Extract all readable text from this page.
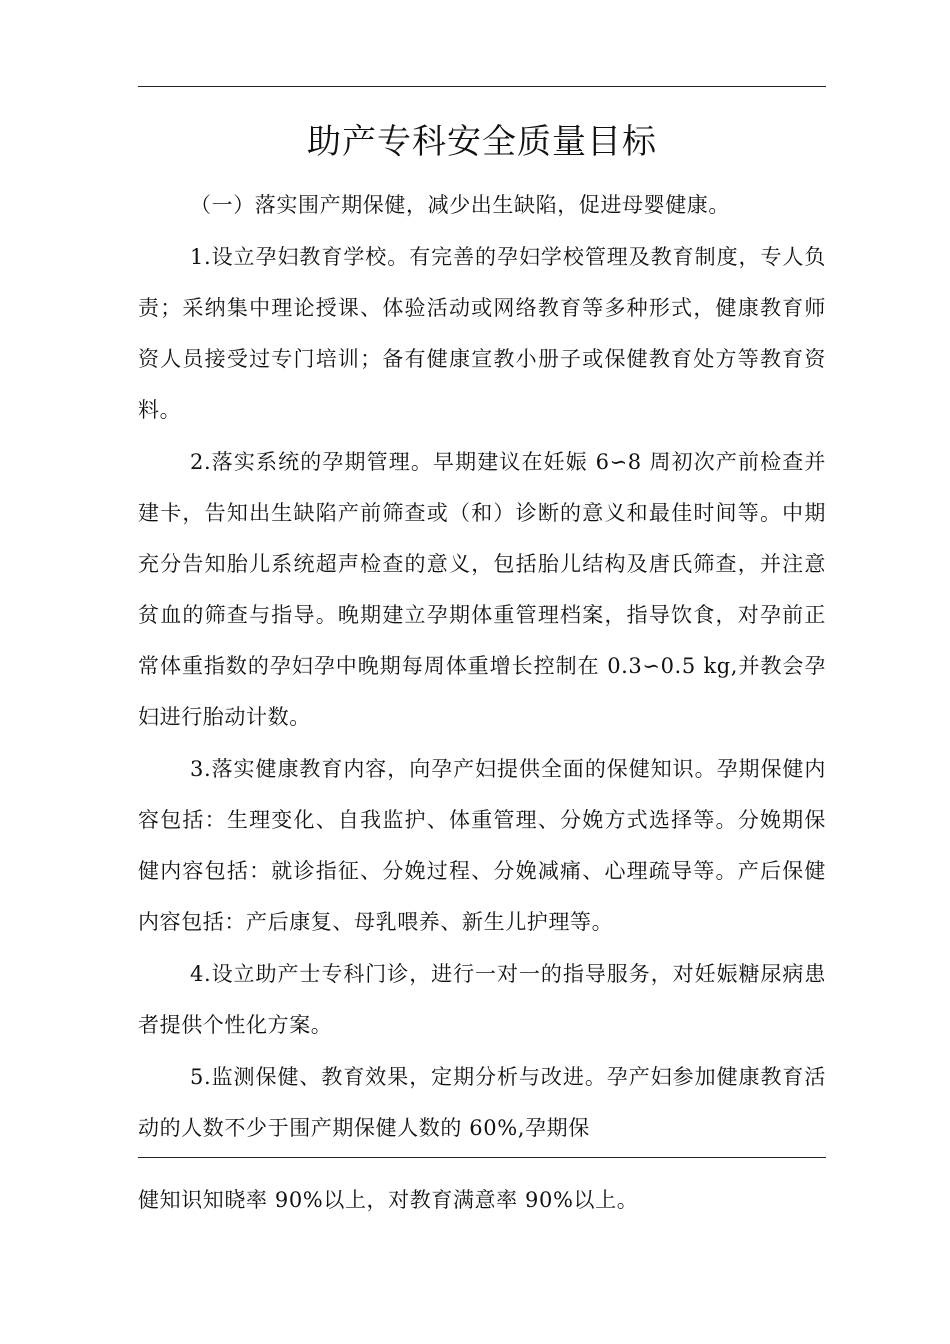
助产专科安全质量目标

（一）落实围产期保健，减少出生缺陷，促进母婴健康。

1.设立孕妇教育学校。有完善的孕妇学校管理及教育制度，专人负责；采纳集中理论授课、体验活动或网络教育等多种形式，健康教育师资人员接受过专门培训；备有健康宣教小册子或保健教育处方等教育资料。

2.落实系统的孕期管理。早期建议在妊娠 6∽8 周初次产前检查并建卡，告知出生缺陷产前筛查或（和）诊断的意义和最佳时间等。中期充分告知胎儿系统超声检查的意义，包括胎儿结构及唐氏筛查，并注意贫血的筛查与指导。晚期建立孕期体重管理档案，指导饮食，对孕前正常体重指数的孕妇孕中晚期每周体重增长控制在 0.3∽0.5 kg,并教会孕妇进行胎动计数。

3.落实健康教育内容，向孕产妇提供全面的保健知识。孕期保健内容包括：生理变化、自我监护、体重管理、分娩方式选择等。分娩期保健内容包括：就诊指征、分娩过程、分娩减痛、心理疏导等。产后保健内容包括：产后康复、母乳喂养、新生儿护理等。

4.设立助产士专科门诊，进行一对一的指导服务，对妊娠糖尿病患者提供个性化方案。

5.监测保健、教育效果，定期分析与改进。孕产妇参加健康教育活动的人数不少于围产期保健人数的 60%,孕期保

健知识知晓率 90%以上，对教育满意率 90%以上。
